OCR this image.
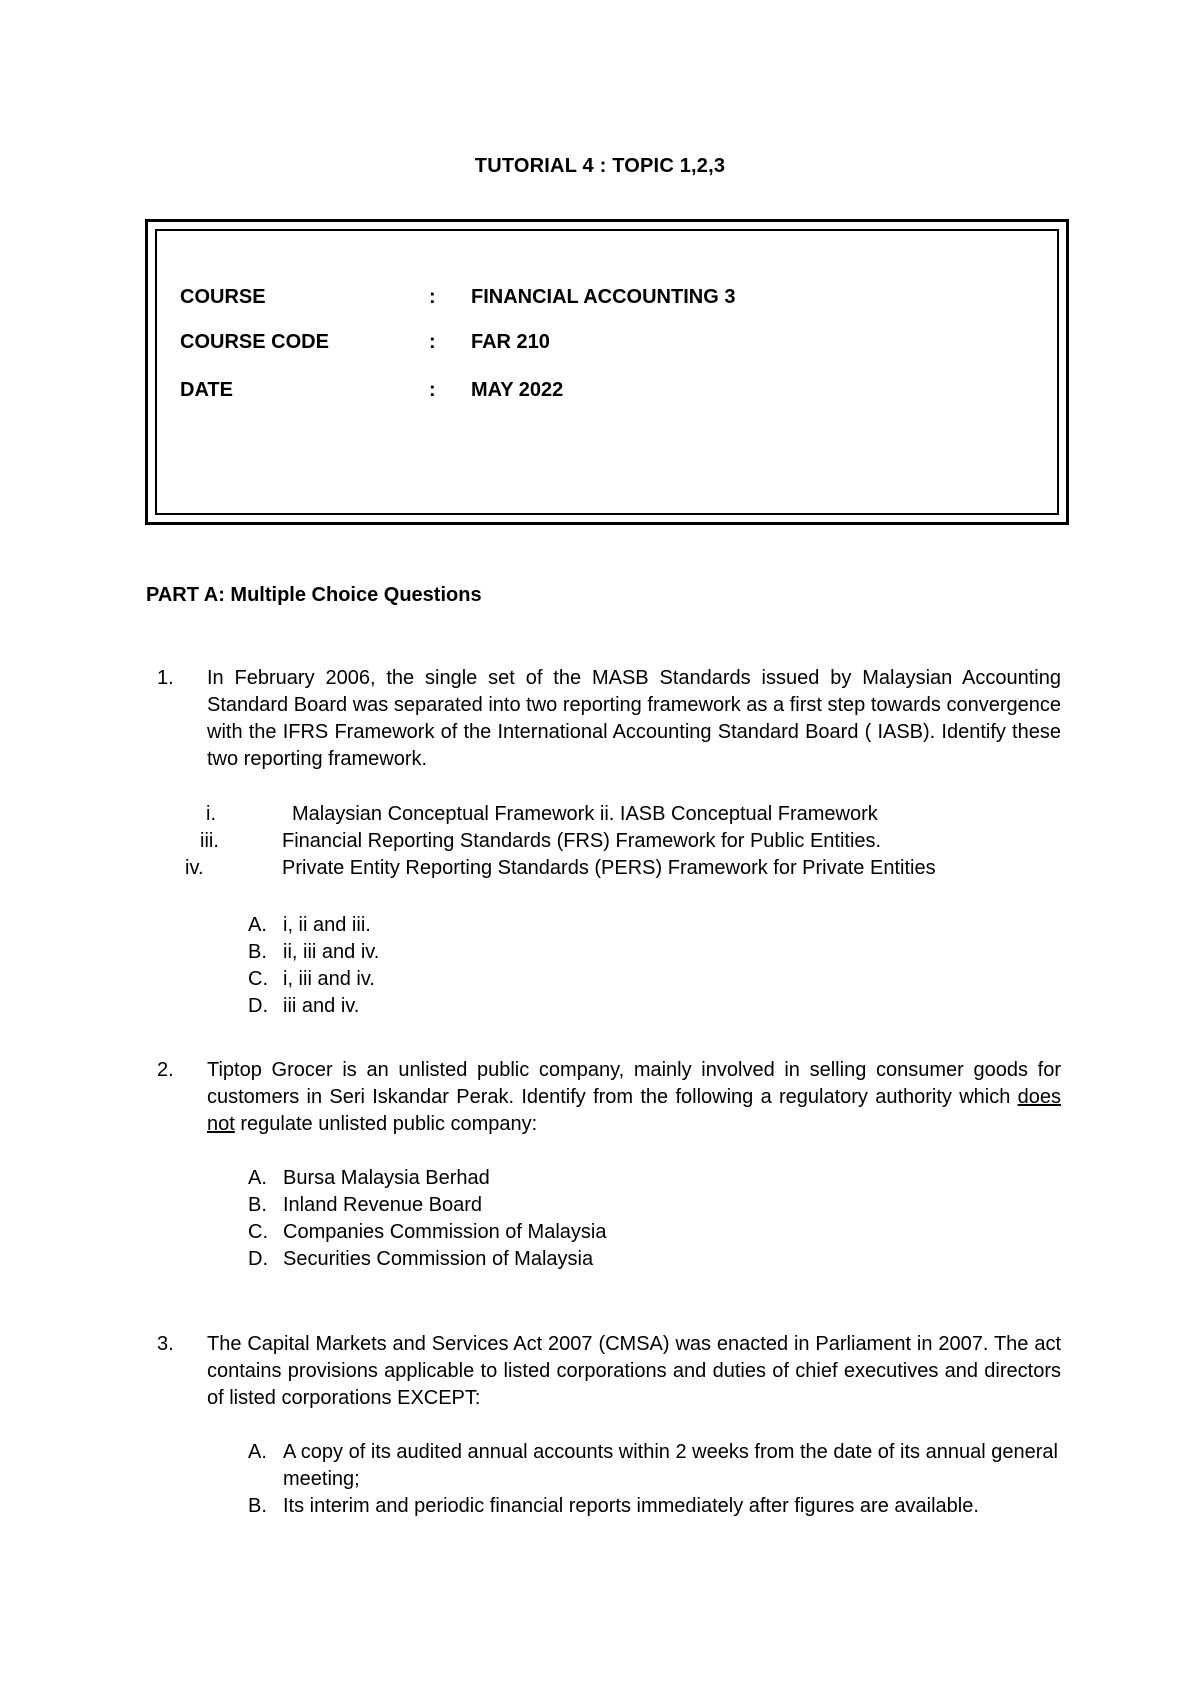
TUTORIAL 4 : TOPIC 1,2,3
COURSE	: FINANCIAL ACCOUNTING 3
COURSE CODE	: FAR 210
DATE	: MAY 2022
PART A: Multiple Choice Questions
1. In February 2006, the single set of the MASB Standards issued by Malaysian Accounting Standard Board was separated into two reporting framework as a first step towards convergence with the IFRS Framework of the International Accounting Standard Board ( IASB). Identify these two reporting framework.
i.	Malaysian Conceptual Framework ii. IASB Conceptual Framework
iii.	Financial Reporting Standards (FRS) Framework for Public Entities.
iv.	Private Entity Reporting Standards (PERS) Framework for Private Entities
A. i, ii and iii.
B. ii, iii and iv.
C. i, iii and iv.
D. iii and iv.
2. Tiptop Grocer is an unlisted public company, mainly involved in selling consumer goods for customers in Seri Iskandar Perak. Identify from the following a regulatory authority which does not regulate unlisted public company:
A. Bursa Malaysia Berhad
B. Inland Revenue Board
C. Companies Commission of Malaysia
D. Securities Commission of Malaysia
3. The Capital Markets and Services Act 2007 (CMSA) was enacted in Parliament in 2007. The act contains provisions applicable to listed corporations and duties of chief executives and directors of listed corporations EXCEPT:
A. A copy of its audited annual accounts within 2 weeks from the date of its annual general meeting;
B. Its interim and periodic financial reports immediately after figures are available.
